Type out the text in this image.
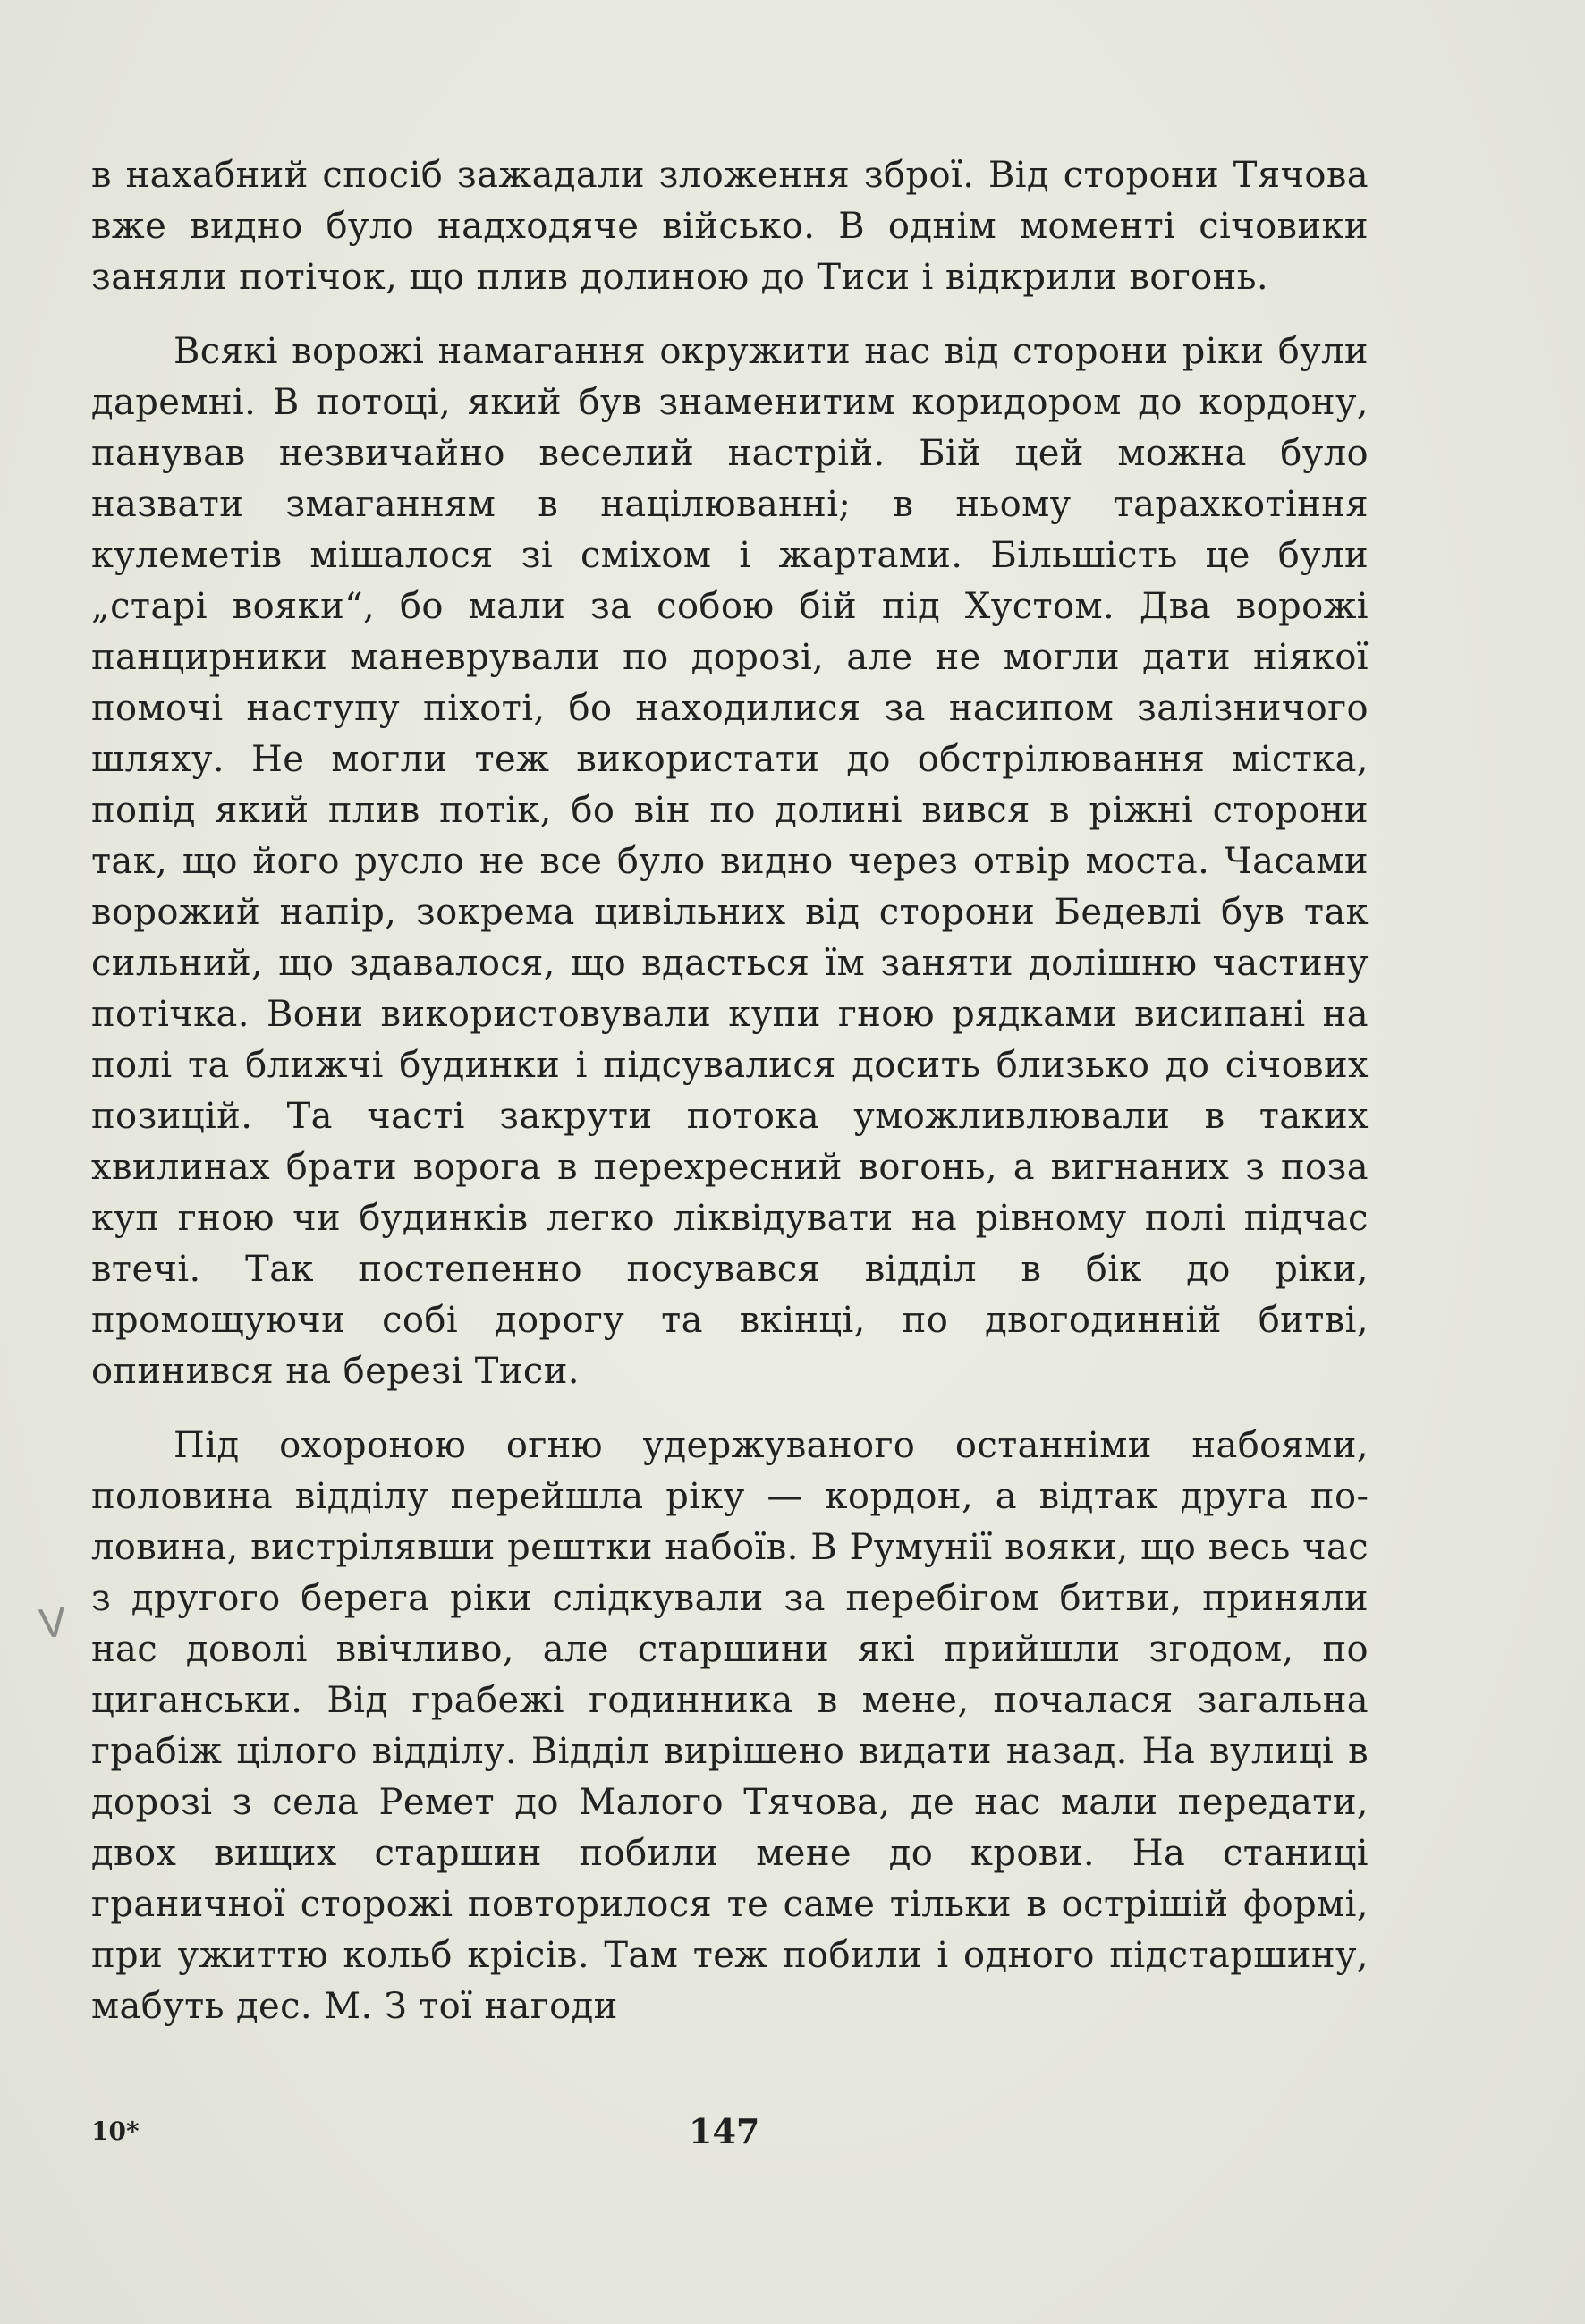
в нахабний спосіб зажадали зложення зброї. Від сторони Тячова вже видно було надходяче військо. В однім моменті січовики заняли потічок, що плив долиною до Тиси і відкрили вогонь.

Всякі ворожі намагання окружити нас від сторони ріки були даремні. В потоці, який був знаменитим коридором до кордону, панував незвичайно веселий настрій. Бій цей можна було назвати змаганням в націлюванні; в ньому тарахкотіння кулеметів мішалося зі сміхом і жартами. Більшість це були „старі вояки“, бо мали за собою бій під Хустом. Два ворожі панцирники маневрували по дорозі, але не могли дати ніякої помочі наступу піхоті, бо находилися за насипом залізничого шляху. Не могли теж використати до обстрілювання містка, попід який плив потік, бо він по долині вився в ріжні сторони так, що його русло не все було видно через отвір моста. Часами ворожий напір, зокрема цивільних від сторони Бедевлі був так сильний, що здавалося, що вдасться їм заняти долішню частину потічка. Вони використовували купи гною рядками висипані на полі та ближчі будинки і підсувалися досить близько до січових позицій. Та часті закрути потока уможливлювали в таких хвилинах брати ворога в перехресний вогонь, а вигнаних з поза куп гною чи будинків легко ліквідувати на рівному полі підчас втечі. Так постепенно посувався відділ в бік до ріки, промощуючи собі дорогу та вкінці, по двогодинній битві, опинився на березі Тиси.

Під охороною огню удержуваного останніми набоями, половина відділу перейшла ріку — кордон, а відтак друга половина, вистрілявши рештки набоїв. В Румунії вояки, що весь час з другого берега ріки слідкували за перебігом битви, приняли нас доволі ввічливо, але старшини які прийшли згодом, по циганськи. Від грабежі годинника в мене, почалася загальна грабіж цілого відділу. Відділ вирішено видати назад. На вулиці в дорозі з села Ремет до Малого Тячова, де нас мали передати, двох вищих старшин побили мене до крови. На станиці граничної сторожі повторилося те саме тільки в острішій формі, при ужиттю кольб крісів. Там теж побили і одного підстаршину, мабуть дес. М. З тої нагоди

V
10*	147
